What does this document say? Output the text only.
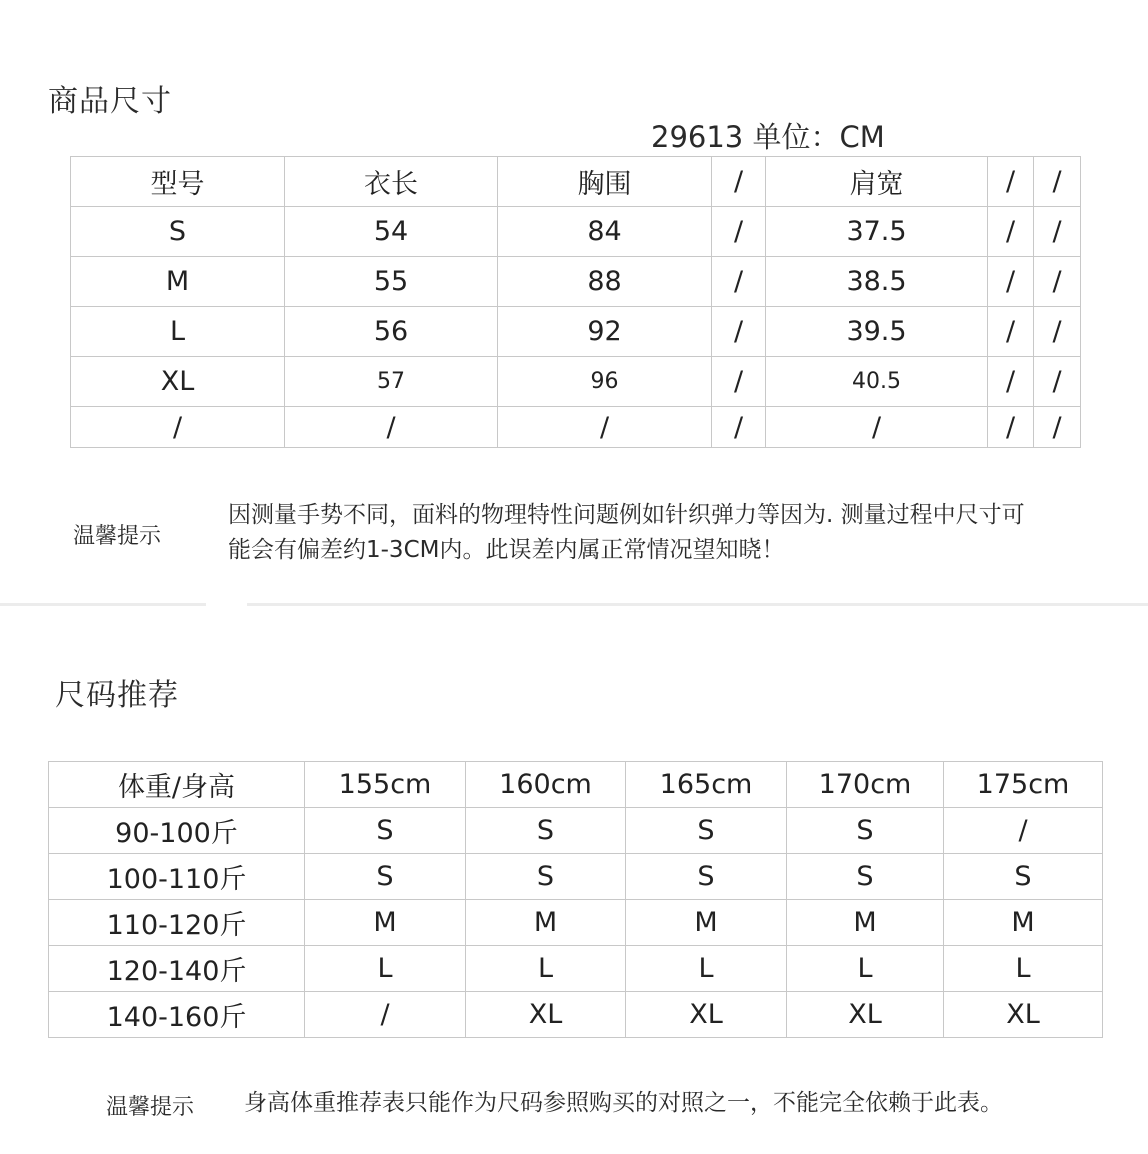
商品尺寸
29613 单位：CM
型号	衣长	胸围	/	肩宽	/	/
S	54	84	/	37.5	/	/
M	55	88	/	38.5	/	/
L	56	92	/	39.5	/	/
XL	57	96	/	40.5	/	/
/	/	/	/	/	/	/
温馨提示
因测量手势不同，面料的物理特性问题例如针织弹力等因为. 测量过程中尺寸可
能会有偏差约1-3CM内。此误差内属正常情况望知晓！
尺码推荐
体重/身高	155cm	160cm	165cm	170cm	175cm
90-100斤	S	S	S	S	/
100-110斤	S	S	S	S	S
110-120斤	M	M	M	M	M
120-140斤	L	L	L	L	L
140-160斤	/	XL	XL	XL	XL
温馨提示 身高体重推荐表只能作为尺码参照购买的对照之一，不能完全依赖于此表。
